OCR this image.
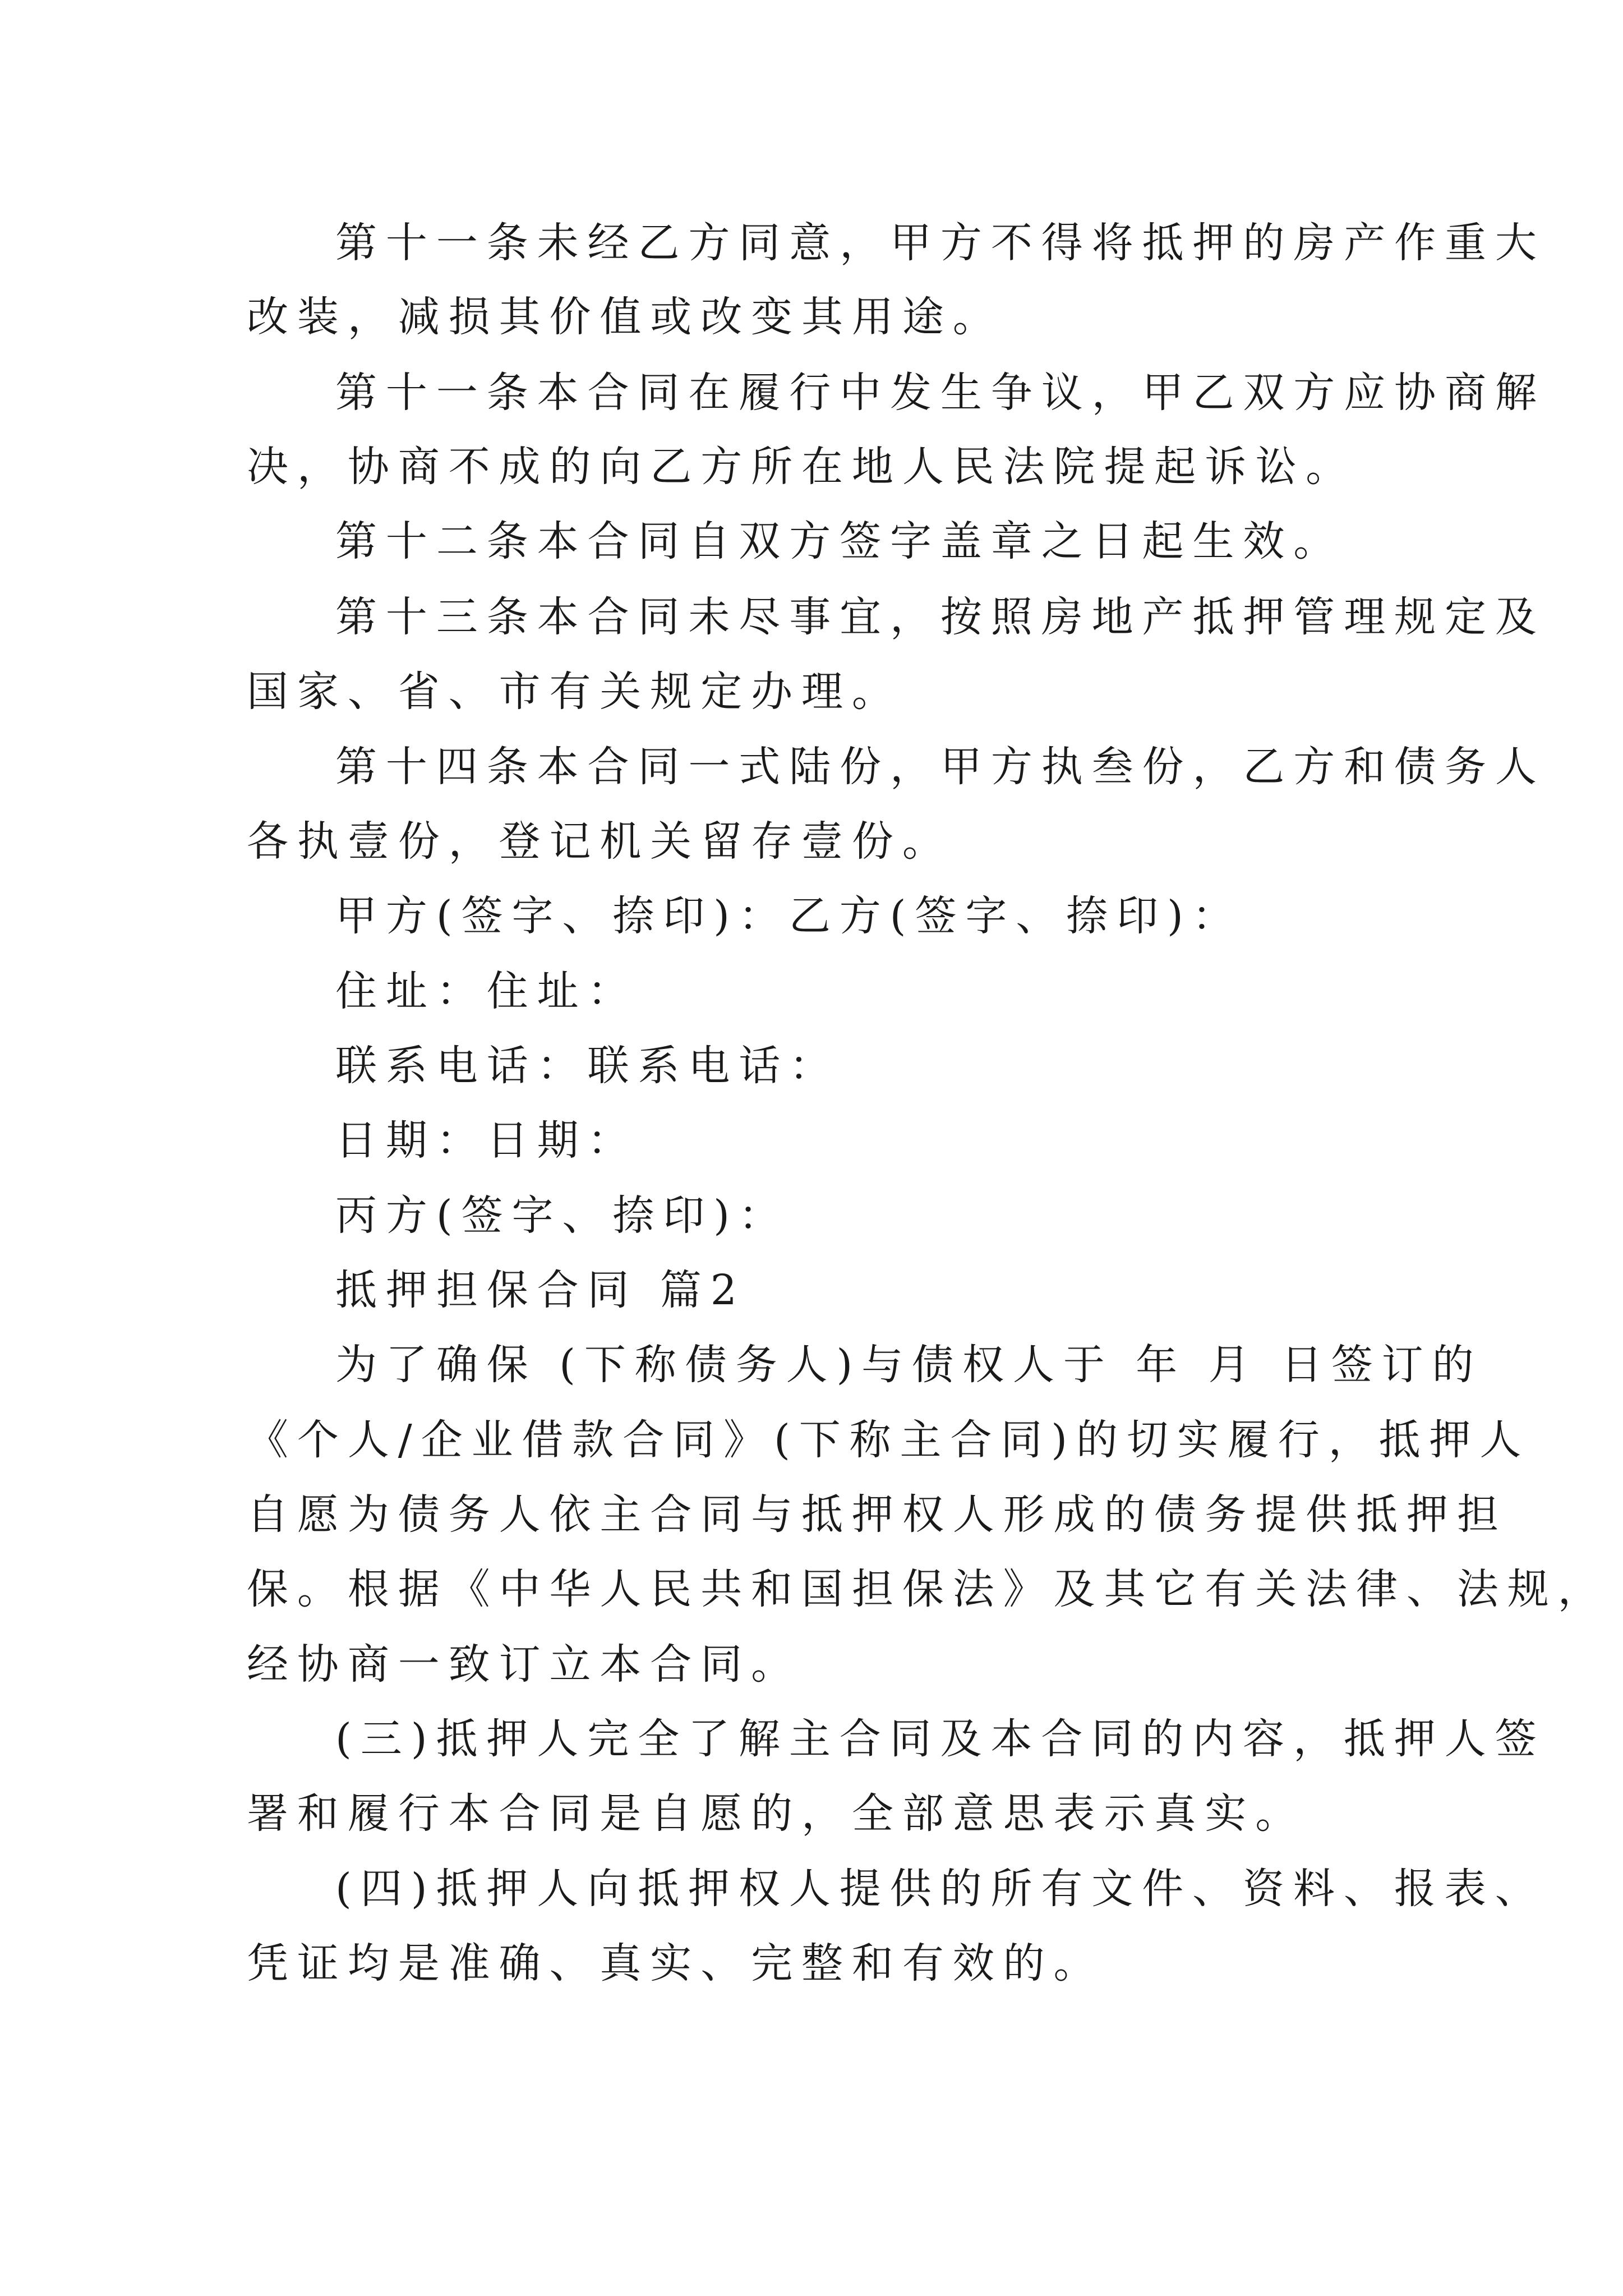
第十一条未经乙方同意，甲方不得将抵押的房产作重大
改装，减损其价值或改变其用途。
第十一条本合同在履行中发生争议，甲乙双方应协商解
决，协商不成的向乙方所在地人民法院提起诉讼。
第十二条本合同自双方签字盖章之日起生效。
第十三条本合同未尽事宜，按照房地产抵押管理规定及
国家、省、市有关规定办理。
第十四条本合同一式陆份，甲方执叁份，乙方和债务人
各执壹份，登记机关留存壹份。
甲方(签字、捺印)：乙方(签字、捺印)：
住址：住址：
联系电话：联系电话：
日期：日期：
丙方(签字、捺印)：
抵押担保合同 篇2
为了确保 (下称债务人)与债权人于 年 月 日签订的
《个人/企业借款合同》(下称主合同)的切实履行，抵押人
自愿为债务人依主合同与抵押权人形成的债务提供抵押担
保。根据《中华人民共和国担保法》及其它有关法律、法规，
经协商一致订立本合同。
(三)抵押人完全了解主合同及本合同的内容，抵押人签
署和履行本合同是自愿的，全部意思表示真实。
(四)抵押人向抵押权人提供的所有文件、资料、报表、
凭证均是准确、真实、完整和有效的。
